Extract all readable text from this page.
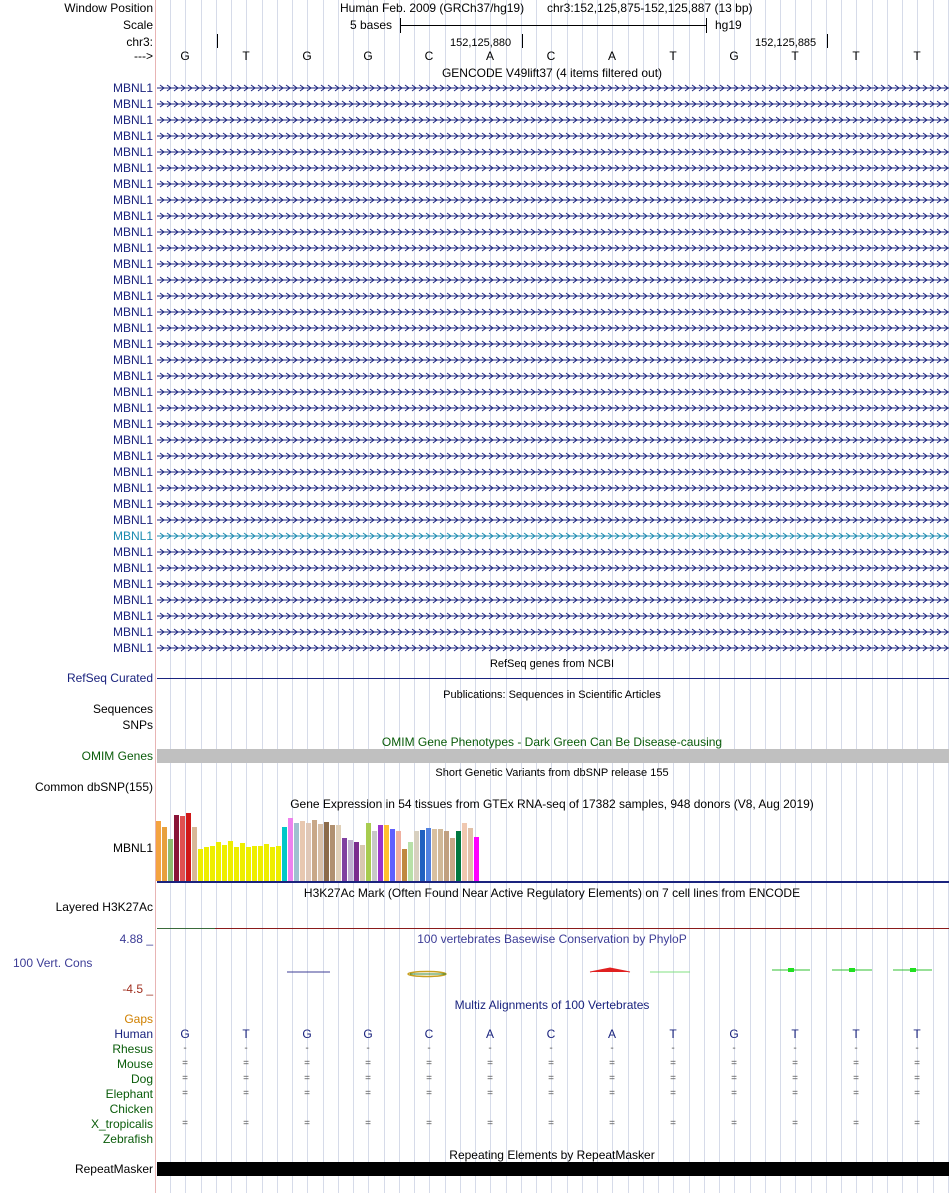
Window Position	Human Feb. 2009 (GRCh37/hg19) chr3:152,125,875-152,125,887 (13 bp)
Scale	5 bases	hg19
chr3:	152,125,880	152,125,885
--->	G	T	G	G	C	A	C	A	T	G	T	T	T
GENCODE V49lift37 (4 items filtered out)
MBNL1
MBNL1
MBNL1
MBNL1
MBNL1
MBNL1
MBNL1
MBNL1
MBNL1
MBNL1
MBNL1
MBNL1
MBNL1
MBNL1
MBNL1
MBNL1
MBNL1
MBNL1
MBNL1
MBNL1
MBNL1
MBNL1
MBNL1
MBNL1
MBNL1
MBNL1
MBNL1
MBNL1
MBNL1
MBNL1
MBNL1
MBNL1
MBNL1
MBNL1
MBNL1
MBNL1
RefSeq genes from NCBI
RefSeq Curated
Publications: Sequences in Scientific Articles
Sequences
SNPs
OMIM Gene Phenotypes - Dark Green Can Be Disease-causing
OMIM Genes
Short Genetic Variants from dbSNP release 155
Common dbSNP(155)
Gene Expression in 54 tissues from GTEx RNA-seq of 17382 samples, 948 donors (V8, Aug 2019)
MBNL1
H3K27Ac Mark (Often Found Near Active Regulatory Elements) on 7 cell lines from ENCODE
Layered H3K27Ac
100 vertebrates Basewise Conservation by PhyloP
4.88 _
100 Vert. Cons
-4.5 _
Multiz Alignments of 100 Vertebrates
Gaps
Human	G	T	G	G	C	A	C	A	T	G	T	T	T
Rhesus	-	-	-	-	-	-	-	-	-	-	-	-	-
Mouse	=	=	=	=	=	=	=	=	=	=	=	=	=
Dog	=	=	=	=	=	=	=	=	=	=	=	=	=
Elephant	=	=	=	=	=	=	=	=	=	=	=	=	=
Chicken
X_tropicalis	=	=	=	=	=	=	=	=	=	=	=	=	=
Zebrafish
Repeating Elements by RepeatMasker
RepeatMasker
